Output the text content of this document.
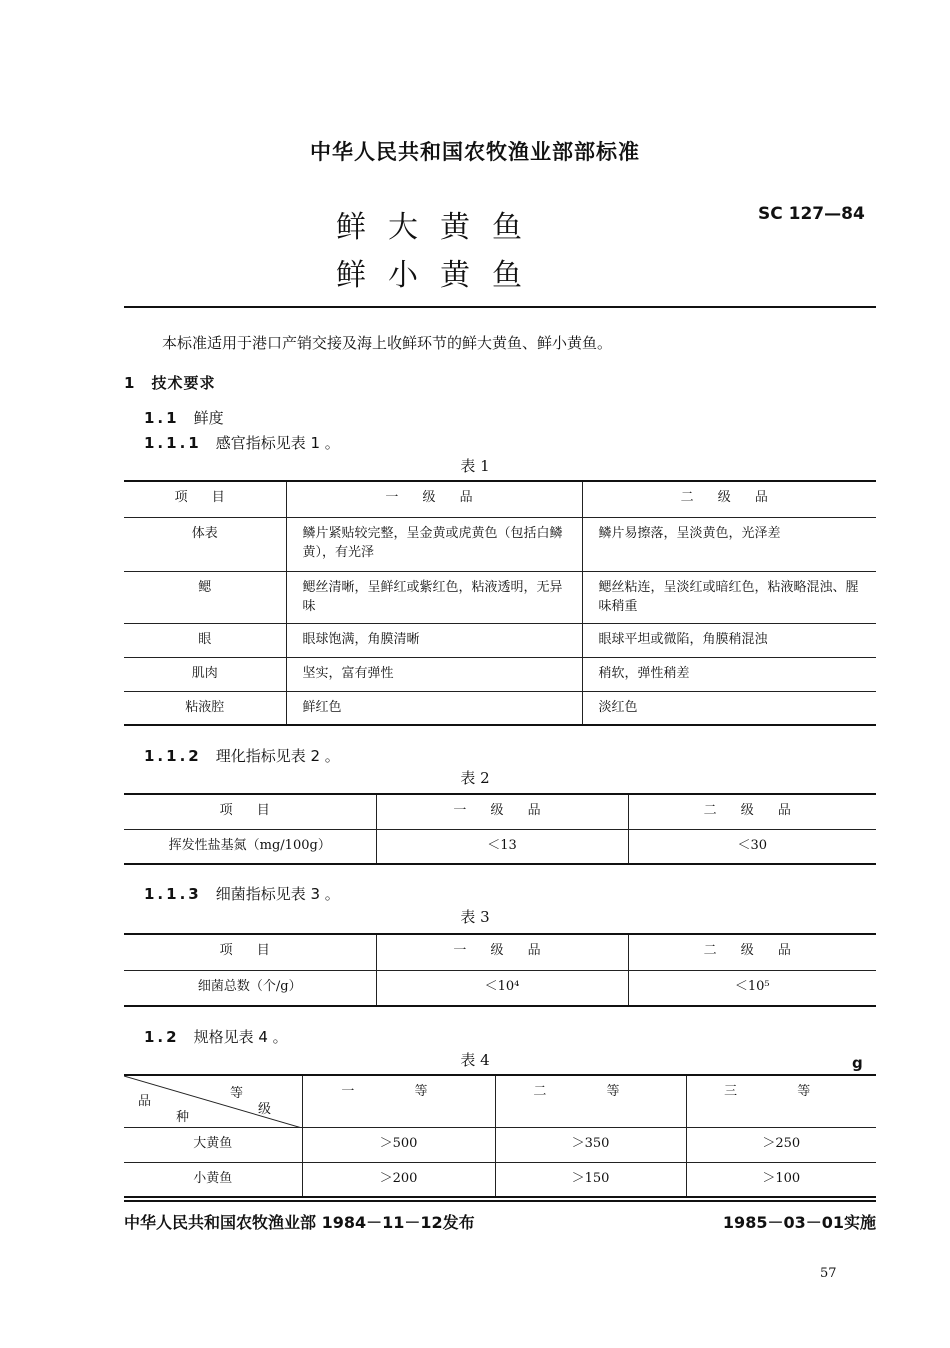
中华人民共和国农牧渔业部部标准
鲜大黄鱼
鲜小黄鱼
SC 127—84
本标准适用于港口产销交接及海上收鲜环节的鲜大黄鱼、鲜小黄鱼。
1 技术要求
1.1 鲜度
1.1.1 感官指标见表 1 。
表 1
项 目	一 级 品	二 级 品
体表	鳞片紧贴较完整，呈金黄或虎黄色（包括白鳞黄），有光泽	鳞片易擦落，呈淡黄色，光泽差
鳃	鳃丝清晰，呈鲜红或紫红色，粘液透明，无异味	鳃丝粘连，呈淡红或暗红色，粘液略混浊、腥味稍重
眼	眼球饱满，角膜清晰	眼球平坦或微陷，角膜稍混浊
肌肉	坚实，富有弹性	稍软，弹性稍差
粘液腔	鲜红色	淡红色
1.1.2 理化指标见表 2 。
表 2
项 目	一 级 品	二 级 品
挥发性盐基氮（mg/100g）	＜13	＜30
1.1.3 细菌指标见表 3 。
表 3
项 目	一 级 品	二 级 品
细菌总数（个/g）	＜10⁴	＜10⁵
1.2 规格见表 4 。
表 4	g
等
级
品
种	一 等	二 等	三 等
大黄鱼	＞500	＞350	＞250
小黄鱼	＞200	＞150	＞100
中华人民共和国农牧渔业部 1984－11－12发布	1985－03－01实施
57
